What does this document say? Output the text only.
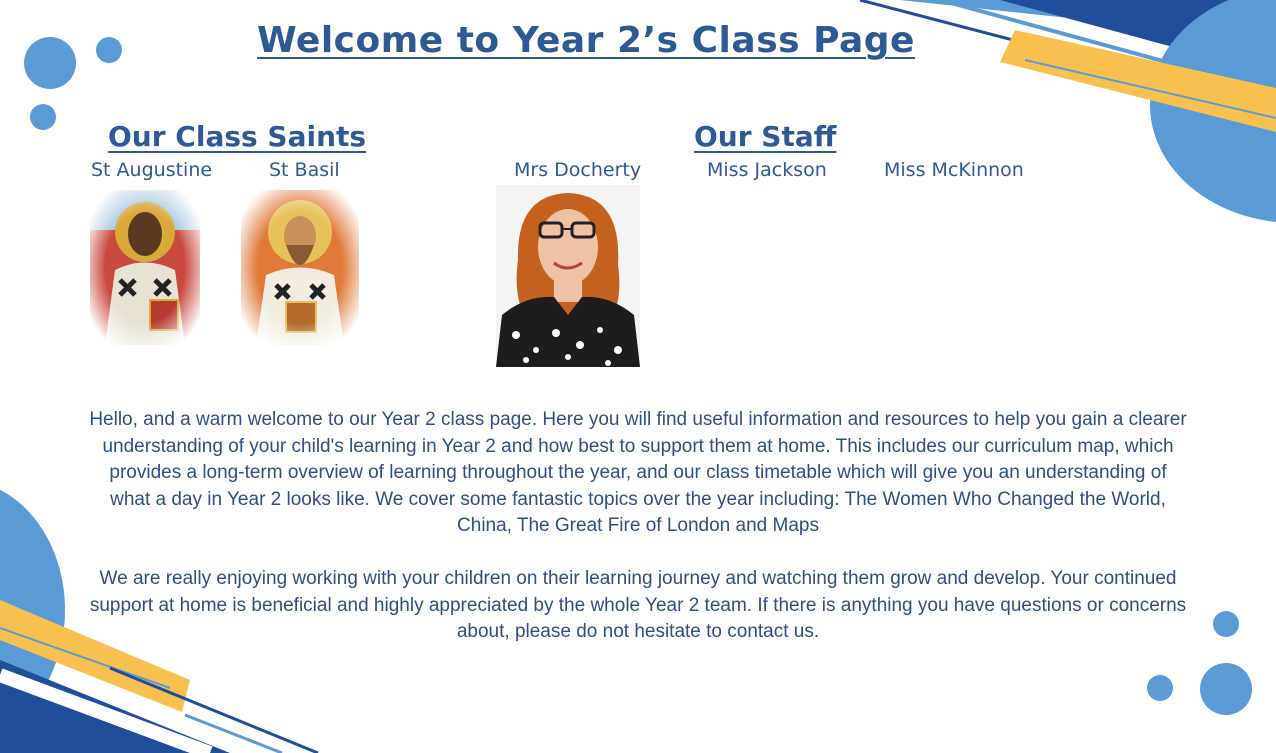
Welcome to Year 2’s Class Page
Our Class Saints
St Augustine	St Basil
Our Staff
Mrs Docherty	Miss Jackson	Miss McKinnon

Hello, and a warm welcome to our Year 2 class page. Here you will find useful information and resources to help you gain a clearer understanding of your child's learning in Year 2 and how best to support them at home. This includes our curriculum map, which provides a long-term overview of learning throughout the year, and our class timetable which will give you an understanding of what a day in Year 2 looks like. We cover some fantastic topics over the year including: The Women Who Changed the World, China, The Great Fire of London and Maps

We are really enjoying working with your children on their learning journey and watching them grow and develop. Your continued support at home is beneficial and highly appreciated by the whole Year 2 team. If there is anything you have questions or concerns about, please do not hesitate to contact us.
